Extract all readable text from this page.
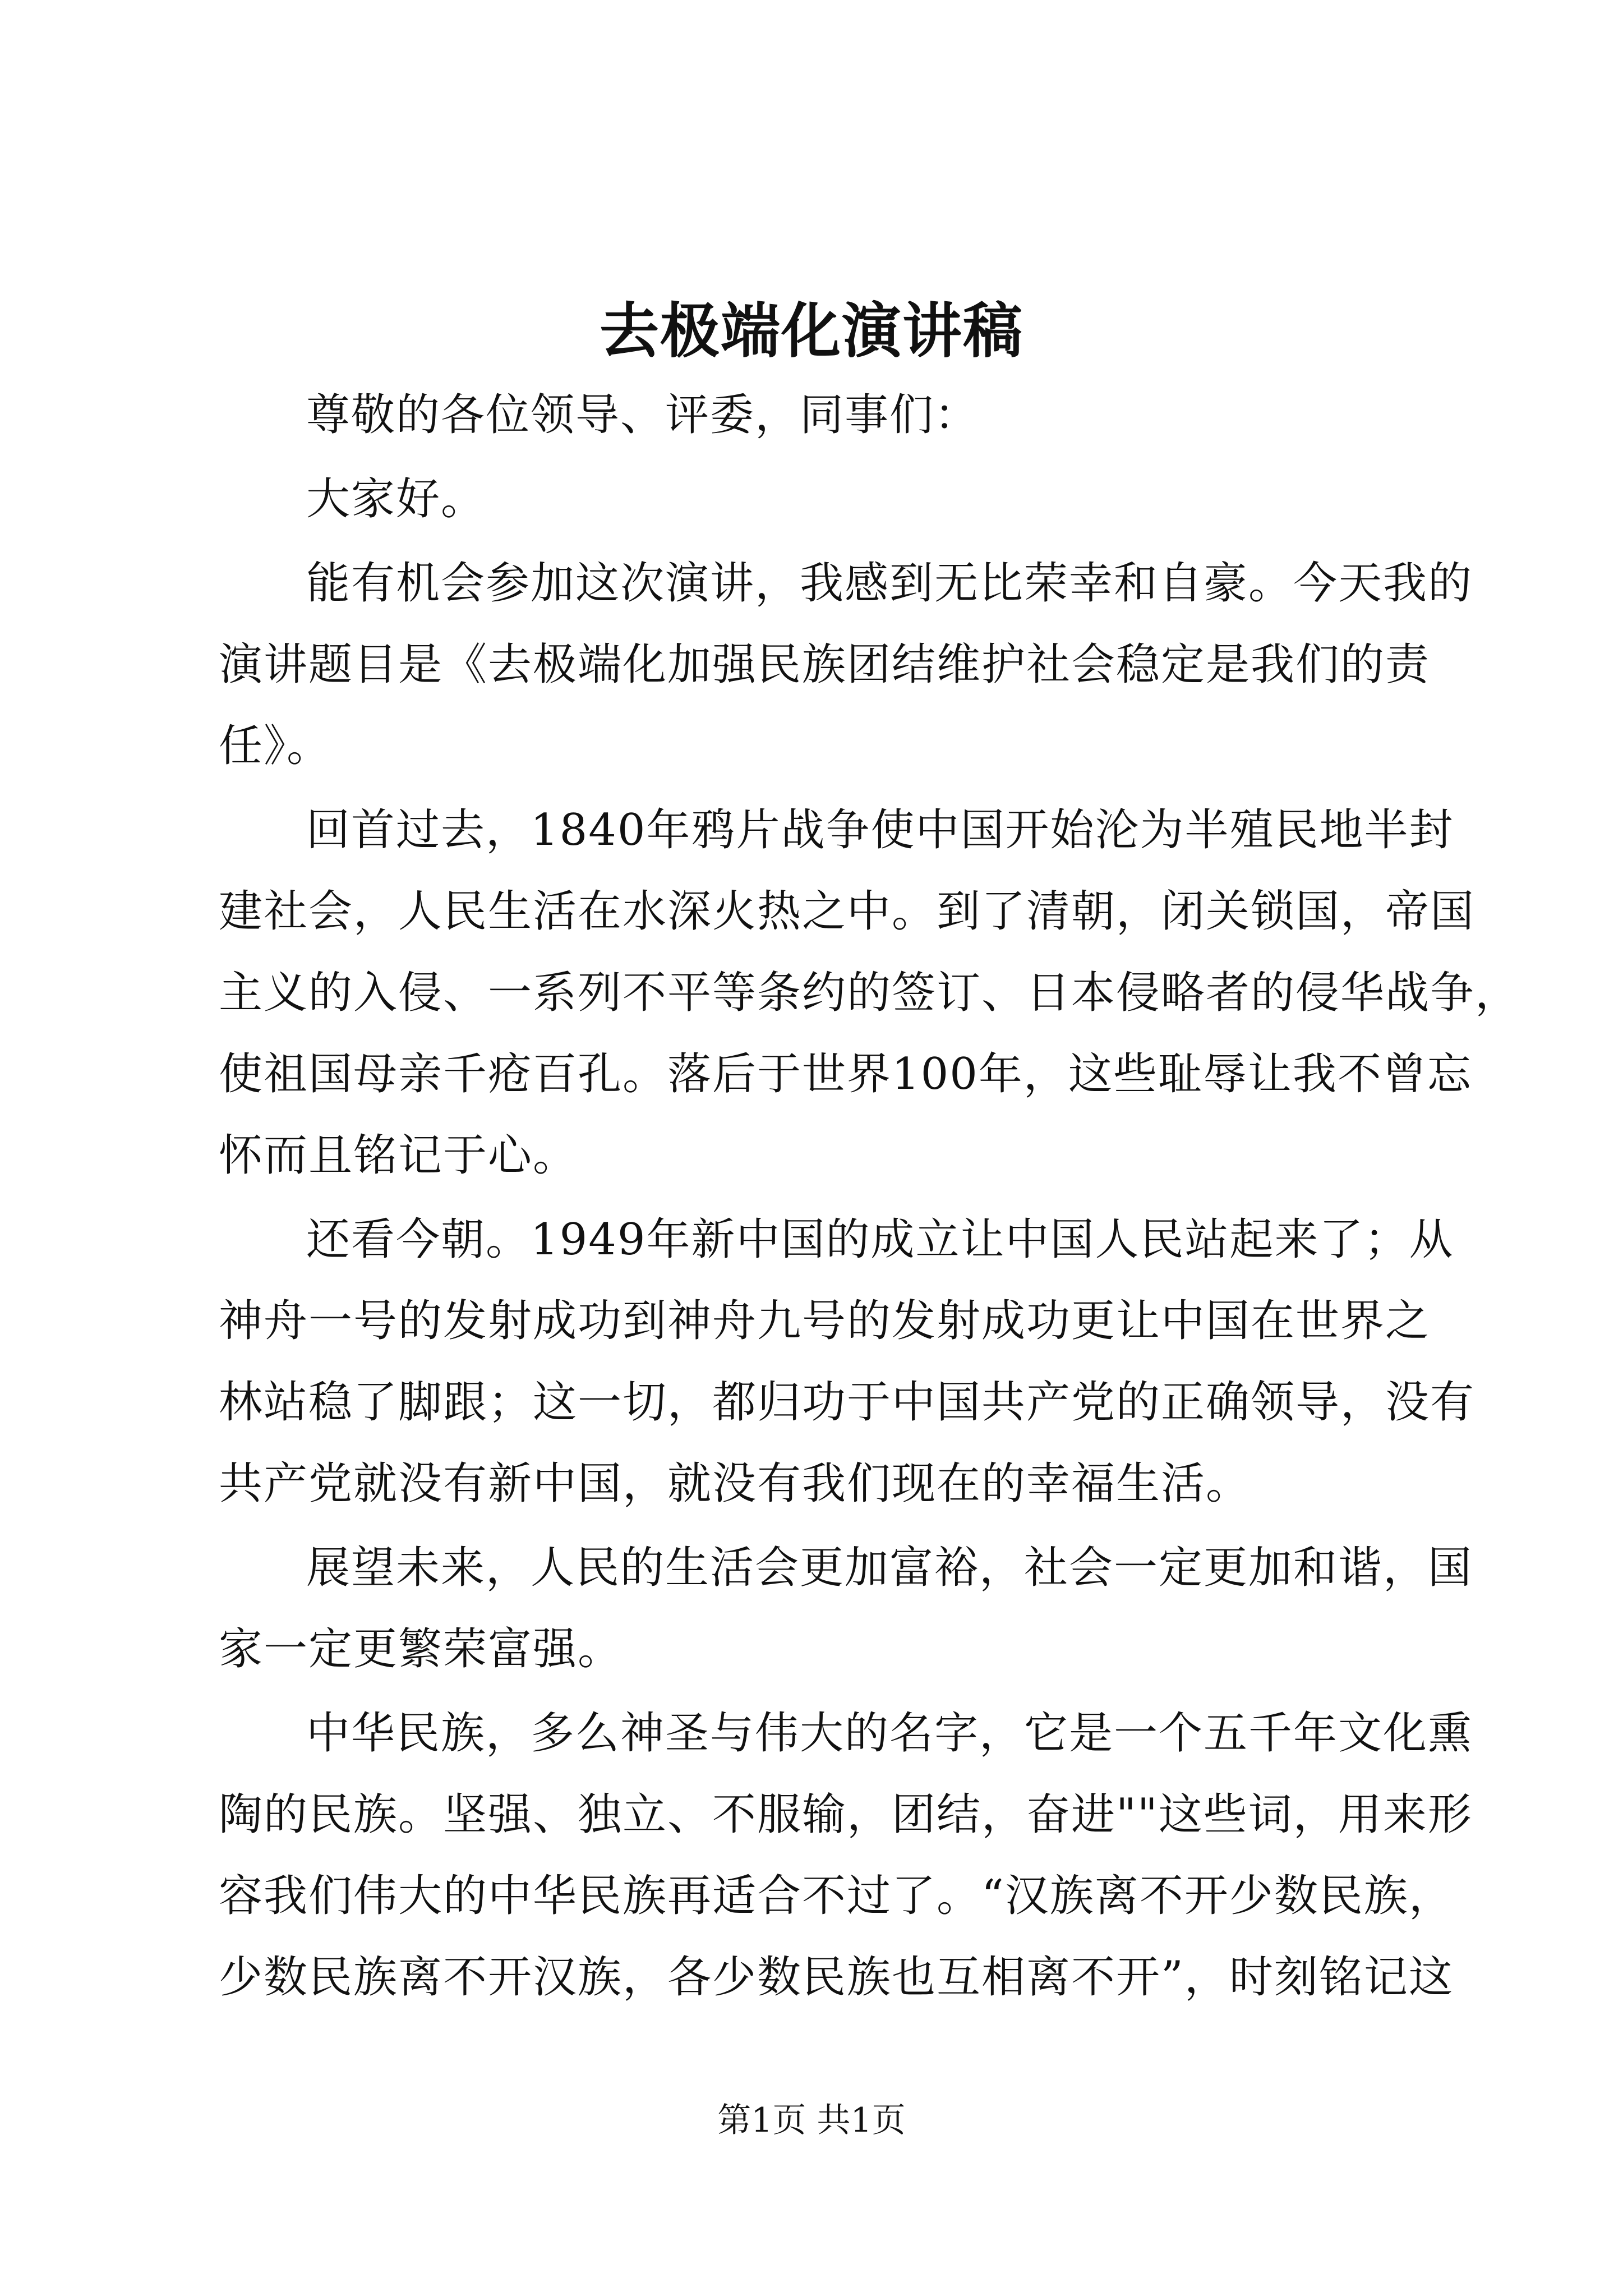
去极端化演讲稿
尊敬的各位领导、评委，同事们：
大家好。
能有机会参加这次演讲，我感到无比荣幸和自豪。今天我的
演讲题目是《去极端化加强民族团结维护社会稳定是我们的责
任》。
回首过去，1840年鸦片战争使中国开始沦为半殖民地半封
建社会，人民生活在水深火热之中。到了清朝，闭关锁国，帝国
主义的入侵、一系列不平等条约的签订、日本侵略者的侵华战争，
使祖国母亲千疮百孔。落后于世界100年，这些耻辱让我不曾忘
怀而且铭记于心。
还看今朝。1949年新中国的成立让中国人民站起来了；从
神舟一号的发射成功到神舟九号的发射成功更让中国在世界之
林站稳了脚跟；这一切，都归功于中国共产党的正确领导，没有
共产党就没有新中国，就没有我们现在的幸福生活。
展望未来，人民的生活会更加富裕，社会一定更加和谐，国
家一定更繁荣富强。
中华民族，多么神圣与伟大的名字，它是一个五千年文化熏
陶的民族。坚强、独立、不服输，团结，奋进""这些词，用来形
容我们伟大的中华民族再适合不过了。“汉族离不开少数民族，
少数民族离不开汉族，各少数民族也互相离不开”，时刻铭记这
第1页 共1页
